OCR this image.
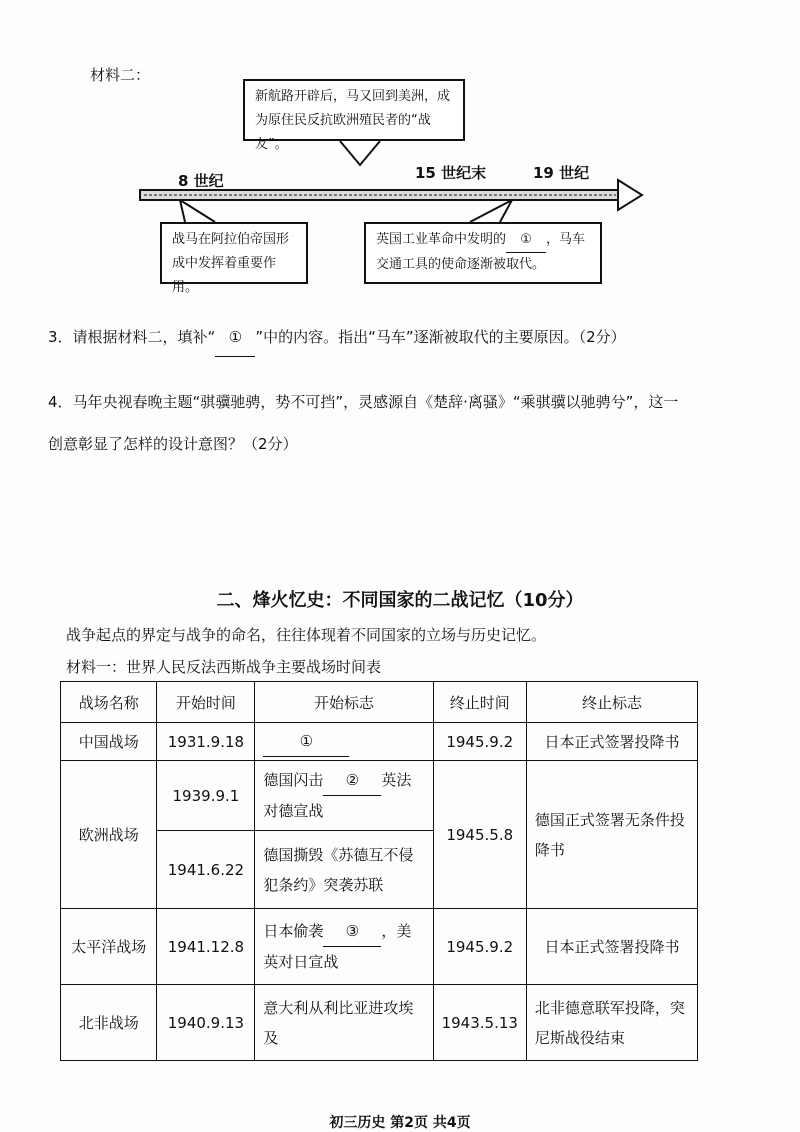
材料二：
新航路开辟后，马又回到美洲，成为原住民反抗欧洲殖民者的“战友”。
8 世纪	15 世纪末	19 世纪
战马在阿拉伯帝国形成中发挥着重要作用。
英国工业革命中发明的 ① ，马车交通工具的使命逐渐被取代。
3．请根据材料二，填补“ ① ”中的内容。指出“马车”逐渐被取代的主要原因。（2分）
4．马年央视春晚主题“骐骥驰骋，势不可挡”，灵感源自《楚辞·离骚》“乘骐骥以驰骋兮”，这一
创意彰显了怎样的设计意图？（2分）
二、烽火忆史：不同国家的二战记忆（10分）
战争起点的界定与战争的命名，往往体现着不同国家的立场与历史记忆。
材料一：世界人民反法西斯战争主要战场时间表
战场名称	开始时间	开始标志	终止时间	终止标志
中国战场	1931.9.18	①	1945.9.2	日本正式签署投降书
欧洲战场	1939.9.1	德国闪击 ② 英法对德宣战	1945.5.8	德国正式签署无条件投降书
	1941.6.22	德国撕毁《苏德互不侵犯条约》突袭苏联		
太平洋战场	1941.12.8	日本偷袭 ③ ，美英对日宣战	1945.9.2	日本正式签署投降书
北非战场	1940.9.13	意大利从利比亚进攻埃及	1943.5.13	北非德意联军投降，突尼斯战役结束
初三历史 第2页 共4页
